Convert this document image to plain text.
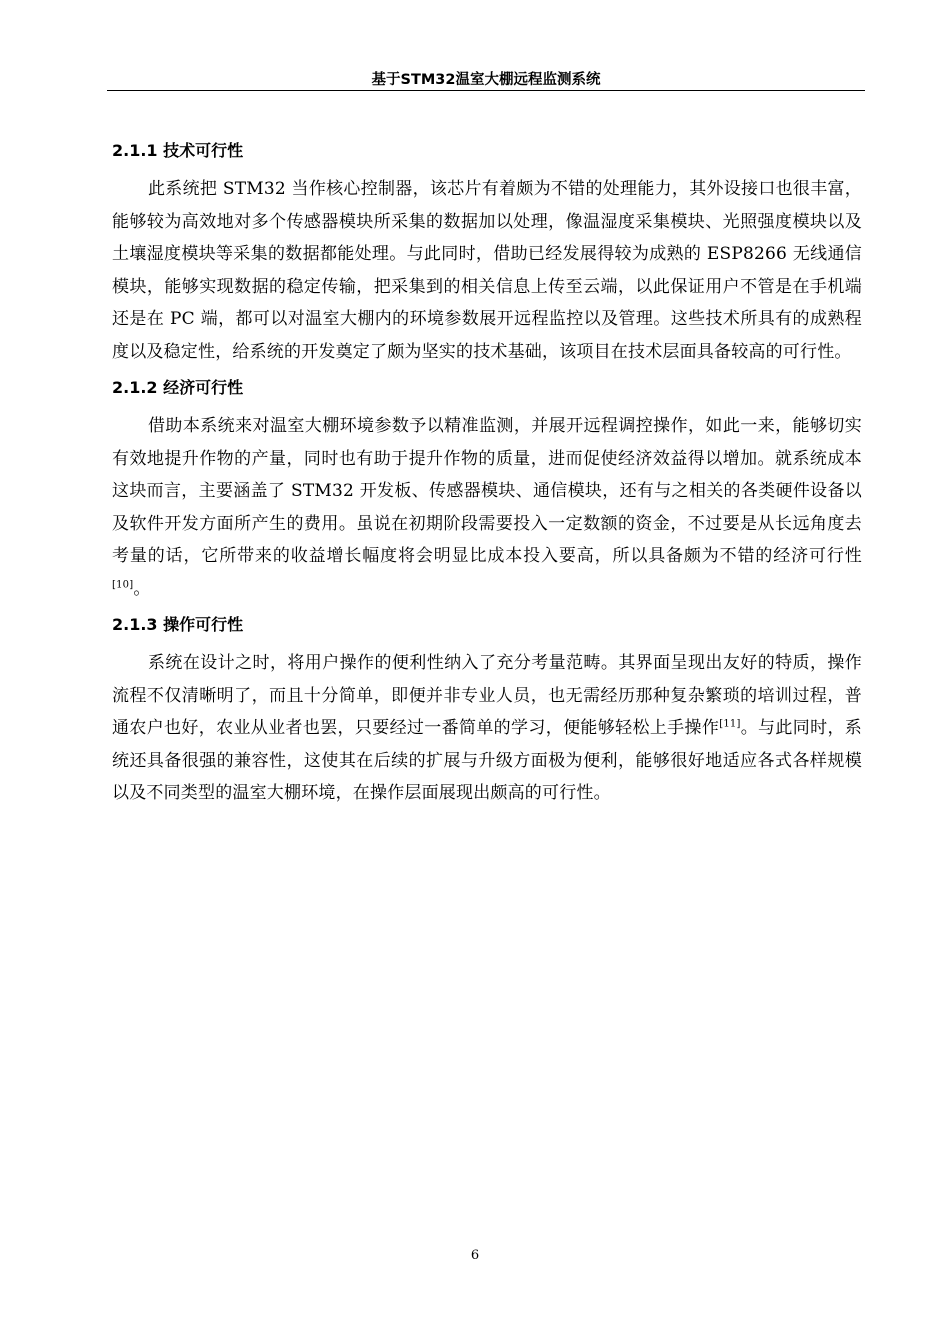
基于STM32温室大棚远程监测系统
2.1.1 技术可行性

此系统把 STM32 当作核心控制器，该芯片有着颇为不错的处理能力，其外设接口也很丰富，能够较为高效地对多个传感器模块所采集的数据加以处理，像温湿度采集模块、光照强度模块以及土壤湿度模块等采集的数据都能处理。与此同时，借助已经发展得较为成熟的 ESP8266 无线通信模块，能够实现数据的稳定传输，把采集到的相关信息上传至云端，以此保证用户不管是在手机端还是在 PC 端，都可以对温室大棚内的环境参数展开远程监控以及管理。这些技术所具有的成熟程度以及稳定性，给系统的开发奠定了颇为坚实的技术基础，该项目在技术层面具备较高的可行性。

2.1.2 经济可行性

借助本系统来对温室大棚环境参数予以精准监测，并展开远程调控操作，如此一来，能够切实有效地提升作物的产量，同时也有助于提升作物的质量，进而促使经济效益得以增加。就系统成本这块而言，主要涵盖了 STM32 开发板、传感器模块、通信模块，还有与之相关的各类硬件设备以及软件开发方面所产生的费用。虽说在初期阶段需要投入一定数额的资金，不过要是从长远角度去考量的话，它所带来的收益增长幅度将会明显比成本投入要高，所以具备颇为不错的经济可行性[10]。

2.1.3 操作可行性

系统在设计之时，将用户操作的便利性纳入了充分考量范畴。其界面呈现出友好的特质，操作流程不仅清晰明了，而且十分简单，即便并非专业人员，也无需经历那种复杂繁琐的培训过程，普通农户也好，农业从业者也罢，只要经过一番简单的学习，便能够轻松上手操作[11]。与此同时，系统还具备很强的兼容性，这使其在后续的扩展与升级方面极为便利，能够很好地适应各式各样规模以及不同类型的温室大棚环境，在操作层面展现出颇高的可行性。

6
